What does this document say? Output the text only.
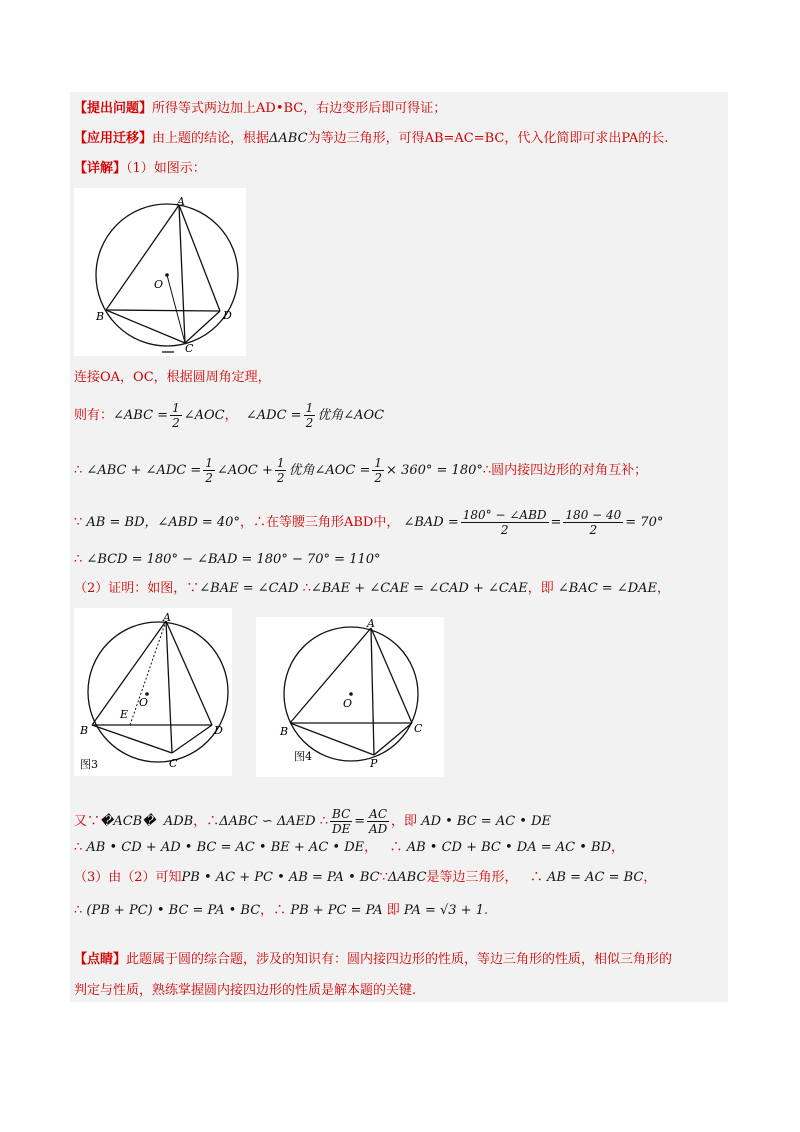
【提出问题】所得等式两边加上AD•BC，右边变形后即可得证；
【应用迁移】由上题的结论，根据ΔABC为等边三角形，可得AB=AC=BC，代入化简即可求出PA的长.
【详解】（1）如图示：
A
O
B	D
C
连接OA，OC，根据圆周角定理，
则有：∠ABC = $\frac{1}{2}$ ∠AOC， ∠ADC = $\frac{1}{2}$ 优角∠AOC
∴ ∠ABC + ∠ADC = $\frac{1}{2}$ ∠AOC + $\frac{1}{2}$ 优角∠AOC = $\frac{1}{2} \times 360^\circ$ = 180°∴圆内接四边形的对角互补；
∵ AB = BD，∠ABD = 40°，∴在等腰三角形ABD中， ∠BAD = $\frac{\text{180° − ∠ABD}}{2} = \frac{180 - 40}{2} = 70^\circ$
∴ ∠BCD = 180° − ∠BAD = 180° − 70° = 110°
（2）证明：如图，∵∠BAE = ∠CAD ∴∠BAE + ∠CAE = ∠CAD + ∠CAE，即 ∠BAC = ∠DAE，
A
O
E
B	D
C
图3
A
O
B	C
P
图4
又∵�ACB� ADB，∴ΔABC ∽ ΔAED ∴ $\frac{BC}{DE} = \frac{AC}{AD}$ ，即 AD • BC = AC • DE
∴ AB • CD + AD • BC = AC • BE + AC • DE， ∴ AB • CD + BC • DA = AC • BD，
（3）由（2）可知PB • AC + PC • AB = PA • BC∵ΔABC是等边三角形， ∴ AB = AC = BC，
∴ (PB + PC) • BC = PA • BC，∴ PB + PC = PA 即 PA = √3 + 1.
【点睛】此题属于圆的综合题，涉及的知识有：圆内接四边形的性质，等边三角形的性质，相似三角形的
判定与性质，熟练掌握圆内接四边形的性质是解本题的关键.
